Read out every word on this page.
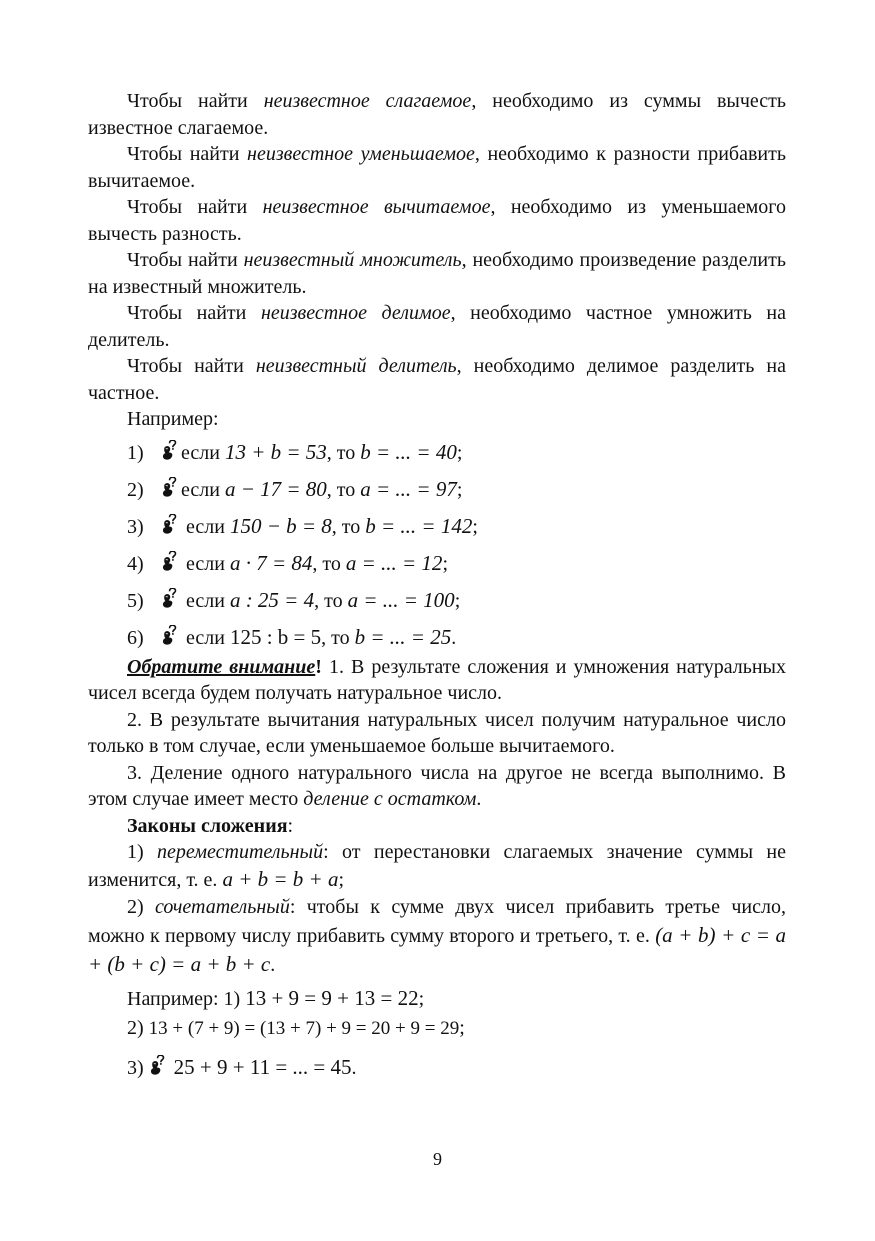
Чтобы найти неизвестное слагаемое, необходимо из суммы вычесть известное слагаемое.

Чтобы найти неизвестное уменьшаемое, необходимо к разности прибавить вычитаемое.

Чтобы найти неизвестное вычитаемое, необходимо из уменьшаемого вычесть разность.

Чтобы найти неизвестный множитель, необходимо произведение разделить на известный множитель.

Чтобы найти неизвестное делимое, необходимо частное умножить на делитель.

Чтобы найти неизвестный делитель, необходимо делимое разделить на частное.

Например:

1) если 13 + b = 53, то b = ... = 40;
2) если a − 17 = 80, то a = ... = 97;
3) если 150 − b = 8, то b = ... = 142;
4) если a · 7 = 84, то a = ... = 12;
5) если a : 25 = 4, то a = ... = 100;
6) если 125 : b = 5, то b = ... = 25.

Обратите внимание! 1. В результате сложения и умножения натуральных чисел всегда будем получать натуральное число.

2. В результате вычитания натуральных чисел получим натуральное число только в том случае, если уменьшаемое больше вычитаемого.

3. Деление одного натурального числа на другое не всегда выполнимо. В этом случае имеет место деление с остатком.

Законы сложения:

1) переместительный: от перестановки слагаемых значение суммы не изменится, т. е. a + b = b + a;

2) сочетательный: чтобы к сумме двух чисел прибавить третье число, можно к первому числу прибавить сумму второго и третьего, т. е. (a + b) + c = a + (b + c) = a + b + c.

Например: 1) 13 + 9 = 9 + 13 = 22;

2) 13 + (7 + 9) = (13 + 7) + 9 = 20 + 9 = 29;

3) 25 + 9 + 11 = ... = 45.

9
